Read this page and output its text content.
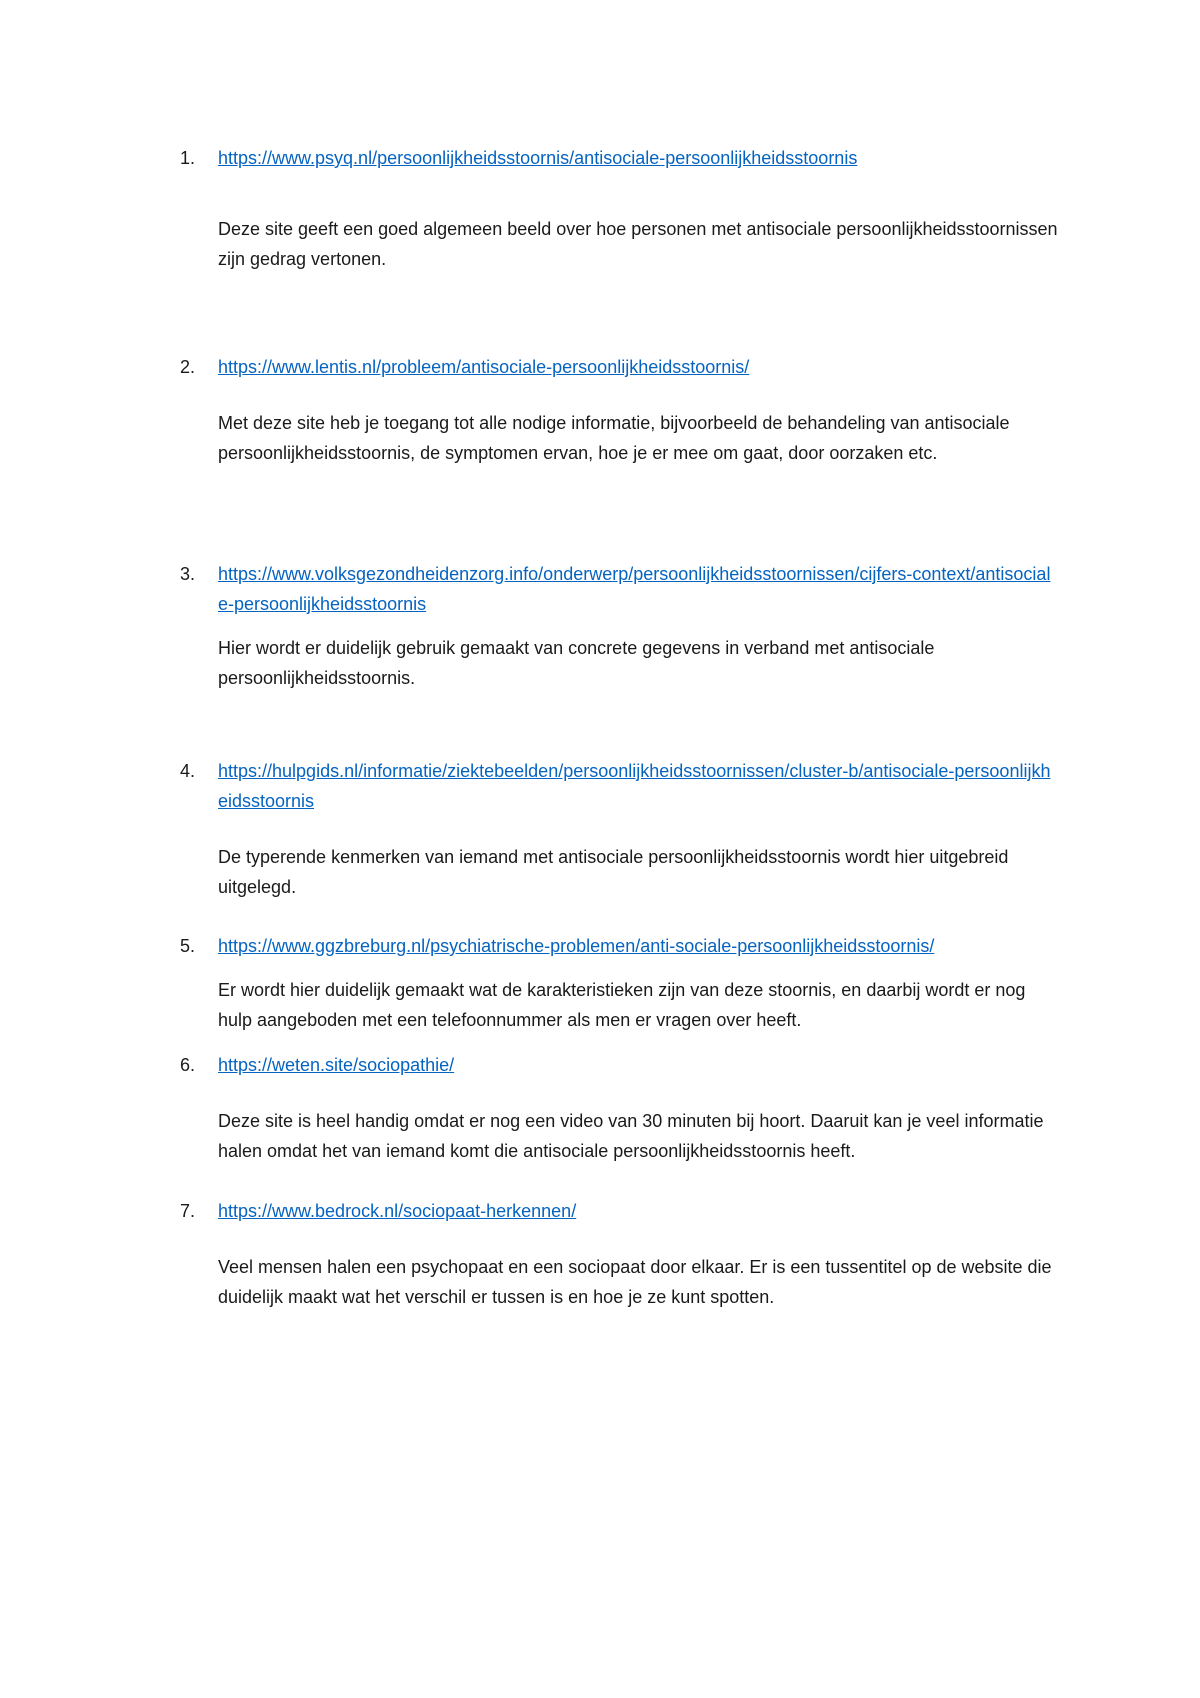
1.	https://www.psyq.nl/persoonlijkheidsstoornis/antisociale-persoonlijkheidsstoornis

Deze site geeft een goed algemeen beeld over hoe personen met antisociale persoonlijkheidsstoornissen zijn gedrag vertonen.

2.	https://www.lentis.nl/probleem/antisociale-persoonlijkheidsstoornis/

Met deze site heb je toegang tot alle nodige informatie, bijvoorbeeld de behandeling van antisociale persoonlijkheidsstoornis, de symptomen ervan, hoe je er mee om gaat, door oorzaken etc.

3.	https://www.volksgezondheidenzorg.info/onderwerp/persoonlijkheidsstoornissen/cijfers-context/antisociale-persoonlijkheidsstoornis

Hier wordt er duidelijk gebruik gemaakt van concrete gegevens in verband met antisociale persoonlijkheidsstoornis.

4.	https://hulpgids.nl/informatie/ziektebeelden/persoonlijkheidsstoornissen/cluster-b/antisociale-persoonlijkheidsstoornis

De typerende kenmerken van iemand met antisociale persoonlijkheidsstoornis wordt hier uitgebreid uitgelegd.

5.	https://www.ggzbreburg.nl/psychiatrische-problemen/anti-sociale-persoonlijkheidsstoornis/

Er wordt hier duidelijk gemaakt wat de karakteristieken zijn van deze stoornis, en daarbij wordt er nog hulp aangeboden met een telefoonnummer als men er vragen over heeft.

6.	https://weten.site/sociopathie/

Deze site is heel handig omdat er nog een video van 30 minuten bij hoort. Daaruit kan je veel informatie halen omdat het van iemand komt die antisociale persoonlijkheidsstoornis heeft.

7.	https://www.bedrock.nl/sociopaat-herkennen/

Veel mensen halen een psychopaat en een sociopaat door elkaar. Er is een tussentitel op de website die duidelijk maakt wat het verschil er tussen is en hoe je ze kunt spotten.
